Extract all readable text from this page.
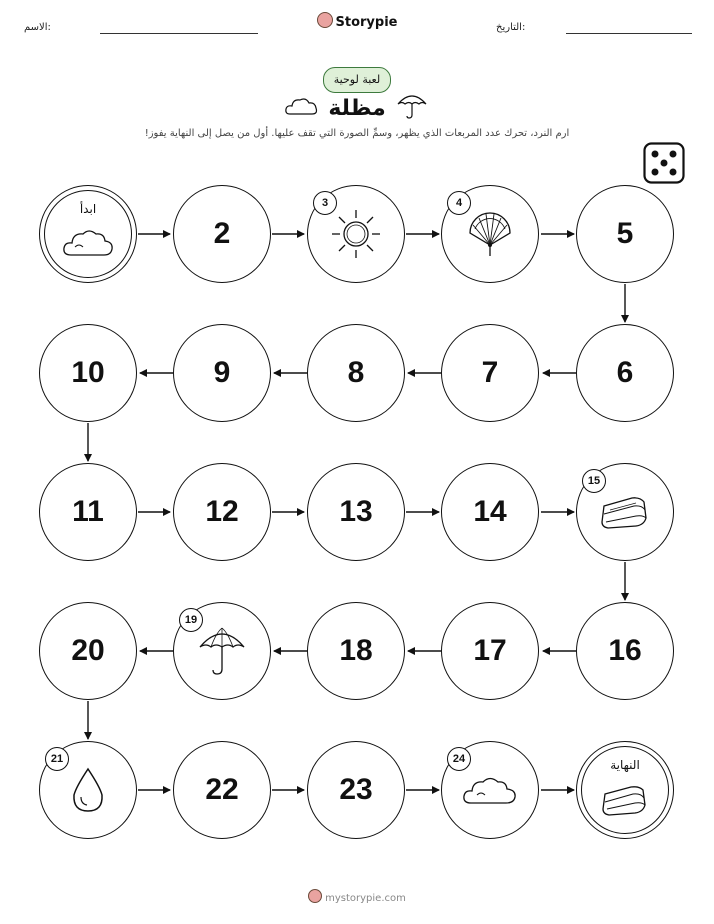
الاسم:	Storypie	التاريخ:
لعبة لوحية
مظلة
ارم النرد، تحرك عدد المربعات الذي يظهر، وسمِّ الصورة التي تقف عليها. أول من يصل إلى النهاية يفوز!
ابدأ
2
3	4
5
6
7
8
9
10
11	12	13	14
15
16
17
18
19
20
21
22	23
24	النهاية
mystorypie.com
